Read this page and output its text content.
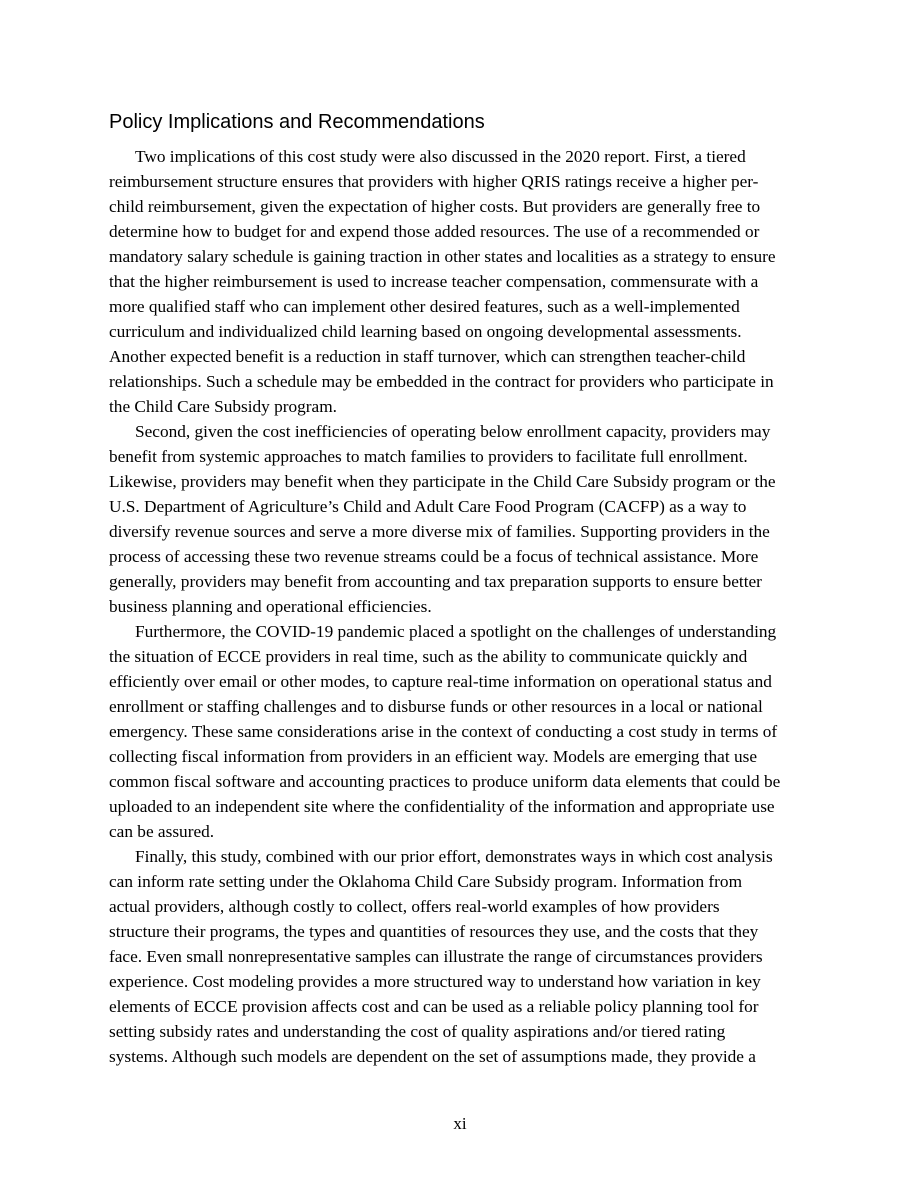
Policy Implications and Recommendations

Two implications of this cost study were also discussed in the 2020 report. First, a tiered

reimbursement structure ensures that providers with higher QRIS ratings receive a higher per-

child reimbursement, given the expectation of higher costs. But providers are generally free to

determine how to budget for and expend those added resources. The use of a recommended or

mandatory salary schedule is gaining traction in other states and localities as a strategy to ensure

that the higher reimbursement is used to increase teacher compensation, commensurate with a

more qualified staff who can implement other desired features, such as a well-implemented

curriculum and individualized child learning based on ongoing developmental assessments.

Another expected benefit is a reduction in staff turnover, which can strengthen teacher-child

relationships. Such a schedule may be embedded in the contract for providers who participate in

the Child Care Subsidy program.

Second, given the cost inefficiencies of operating below enrollment capacity, providers may

benefit from systemic approaches to match families to providers to facilitate full enrollment.

Likewise, providers may benefit when they participate in the Child Care Subsidy program or the

U.S. Department of Agriculture’s Child and Adult Care Food Program (CACFP) as a way to

diversify revenue sources and serve a more diverse mix of families. Supporting providers in the

process of accessing these two revenue streams could be a focus of technical assistance. More

generally, providers may benefit from accounting and tax preparation supports to ensure better

business planning and operational efficiencies.

Furthermore, the COVID-19 pandemic placed a spotlight on the challenges of understanding

the situation of ECCE providers in real time, such as the ability to communicate quickly and

efficiently over email or other modes, to capture real-time information on operational status and

enrollment or staffing challenges and to disburse funds or other resources in a local or national

emergency. These same considerations arise in the context of conducting a cost study in terms of

collecting fiscal information from providers in an efficient way. Models are emerging that use

common fiscal software and accounting practices to produce uniform data elements that could be

uploaded to an independent site where the confidentiality of the information and appropriate use

can be assured.

Finally, this study, combined with our prior effort, demonstrates ways in which cost analysis

can inform rate setting under the Oklahoma Child Care Subsidy program. Information from

actual providers, although costly to collect, offers real-world examples of how providers

structure their programs, the types and quantities of resources they use, and the costs that they

face. Even small nonrepresentative samples can illustrate the range of circumstances providers

experience. Cost modeling provides a more structured way to understand how variation in key

elements of ECCE provision affects cost and can be used as a reliable policy planning tool for

setting subsidy rates and understanding the cost of quality aspirations and/or tiered rating

systems. Although such models are dependent on the set of assumptions made, they provide a

xi
